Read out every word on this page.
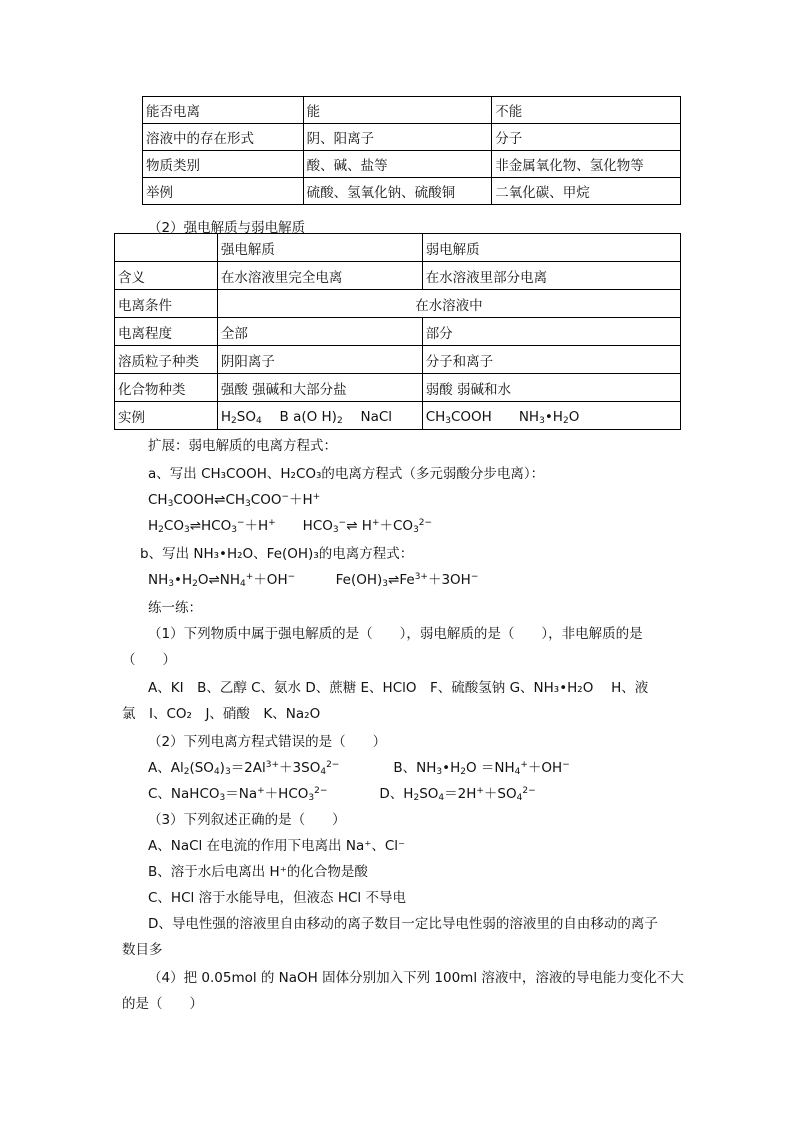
能否电离	能	不能
溶液中的存在形式	阴、阳离子	分子
物质类别	酸、碱、盐等	非金属氧化物、氢化物等
举例	硫酸、氢氧化钠、硫酸铜	二氧化碳、甲烷
（2）强电解质与弱电解质
	强电解质	弱电解质
含义	在水溶液里完全电离	在水溶液里部分电离
电离条件	在水溶液中	
电离程度	全部	部分
溶质粒子种类	阴阳离子	分子和离子
化合物种类	强酸 强碱和大部分盐	弱酸 弱碱和水
实例	$H_2SO_4$　 B a(O $H)_2$　 NaCl	$CH_3COOH$　　$NH_3•H_2O$
扩展：弱电解质的电离方程式：
a、写出 CH₃COOH、H₂CO₃的电离方程式（多元弱酸分步电离）：
$CH_3COOH\rightleftharpoons CH_3COO^-+H^+$
$H_2CO_3\rightleftharpoons HCO_3^-+H^+$　　$HCO_3^-\rightleftharpoons$ $H^++CO_3^{2-}$
b、写出 NH₃•H₂O、Fe(OH)₃的电离方程式：
$NH_3•H_2O\rightleftharpoons NH_4^++OH^-$　　　$Fe(OH)_3\rightleftharpoons Fe^{3+}+3OH^-$
练一练：
（1）下列物质中属于强电解质的是（　　），弱电解质的是（　　），非电解质的是
（　　）
A、KI　B、乙醇 C、氨水 D、蔗糖 E、HClO　F、硫酸氢钠 G、NH₃•H₂O　 H、液
氯　I、CO₂　J、硝酸　K、Na₂O
（2）下列电离方程式错误的是（　　）
A、$Al_2(SO_4)_3=2Al^{3+}+3SO_4^{2-}$	B、$NH_3•H_2O =NH_4^++OH^-$
C、$NaHCO_3=Na^++HCO_3^{2-}$	D、$H_2SO_4=2H^++SO_4^{2-}$
（3）下列叙述正确的是（　　）
A、NaCl 在电流的作用下电离出 Na⁺、Cl⁻
B、溶于水后电离出 H⁺的化合物是酸
C、HCl 溶于水能导电，但液态 HCl 不导电
D、导电性强的溶液里自由移动的离子数目一定比导电性弱的溶液里的自由移动的离子
数目多
（4）把 0.05mol 的 NaOH 固体分别加入下列 100ml 溶液中，溶液的导电能力变化不大
的是（　　）
